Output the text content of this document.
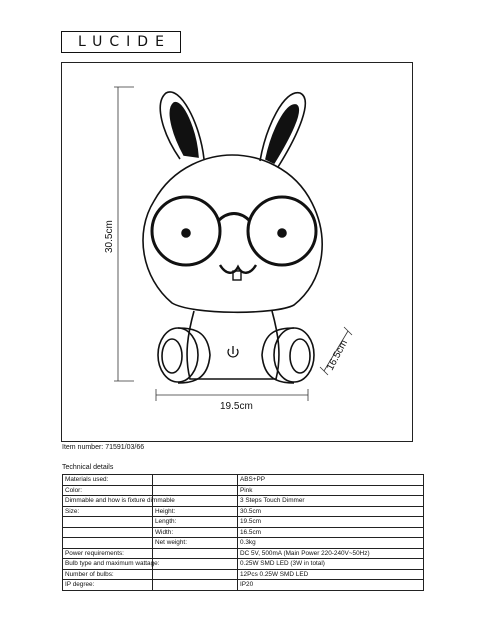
LUCIDE
30.5cm
19.5cm
16.5cm
Item number: 71591/03/66
Technical details
Materials used:		ABS+PP
Color:		Pink
Dimmable and how is fixture dimmable		3 Steps Touch Dimmer
Size:	Height:	30.5cm
	Length:	19.5cm
	Width:	16.5cm
	Net weight:	0.3kg
Power requirements:		DC 5V, 500mA (Main Power 220-240V~50Hz)
Bulb type and maximum wattage:		0.25W SMD LED (3W in total)
Number of bulbs:		12Pcs 0.25W SMD LED
IP degree:		IP20
